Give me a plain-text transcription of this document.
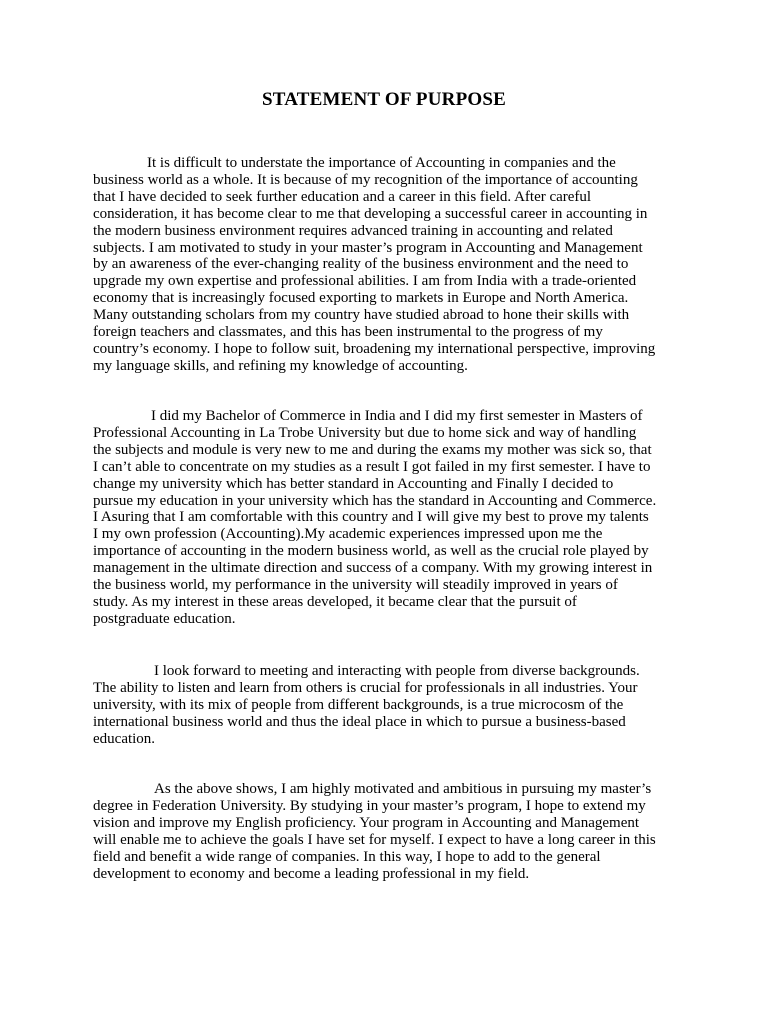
STATEMENT OF PURPOSE
It is difficult to understate the importance of Accounting in companies and the
business world as a whole. It is because of my recognition of the importance of accounting
that I have decided to seek further education and a career in this field. After careful
consideration, it has become clear to me that developing a successful career in accounting in
the modern business environment requires advanced training in accounting and related
subjects. I am motivated to study in your master’s program in Accounting and Management
by an awareness of the ever-changing reality of the business environment and the need to
upgrade my own expertise and professional abilities. I am from India with a trade-oriented
economy that is increasingly focused exporting to markets in Europe and North America.
Many outstanding scholars from my country have studied abroad to hone their skills with
foreign teachers and classmates, and this has been instrumental to the progress of my
country’s economy. I hope to follow suit, broadening my international perspective, improving
my language skills, and refining my knowledge of accounting.
I did my Bachelor of Commerce in India and I did my first semester in Masters of
Professional Accounting in La Trobe University but due to home sick and way of handling
the subjects and module is very new to me and during the exams my mother was sick so, that
I can’t able to concentrate on my studies as a result I got failed in my first semester. I have to
change my university which has better standard in Accounting and Finally I decided to
pursue my education in your university which has the standard in Accounting and Commerce.
I Asuring that I am comfortable with this country and I will give my best to prove my talents
I my own profession (Accounting).My academic experiences impressed upon me the
importance of accounting in the modern business world, as well as the crucial role played by
management in the ultimate direction and success of a company. With my growing interest in
the business world, my performance in the university will steadily improved in years of
study. As my interest in these areas developed, it became clear that the pursuit of
postgraduate education.
I look forward to meeting and interacting with people from diverse backgrounds.
The ability to listen and learn from others is crucial for professionals in all industries. Your
university, with its mix of people from different backgrounds, is a true microcosm of the
international business world and thus the ideal place in which to pursue a business-based
education.
As the above shows, I am highly motivated and ambitious in pursuing my master’s
degree in Federation University. By studying in your master’s program, I hope to extend my
vision and improve my English proficiency. Your program in Accounting and Management
will enable me to achieve the goals I have set for myself. I expect to have a long career in this
field and benefit a wide range of companies. In this way, I hope to add to the general
development to economy and become a leading professional in my field.
